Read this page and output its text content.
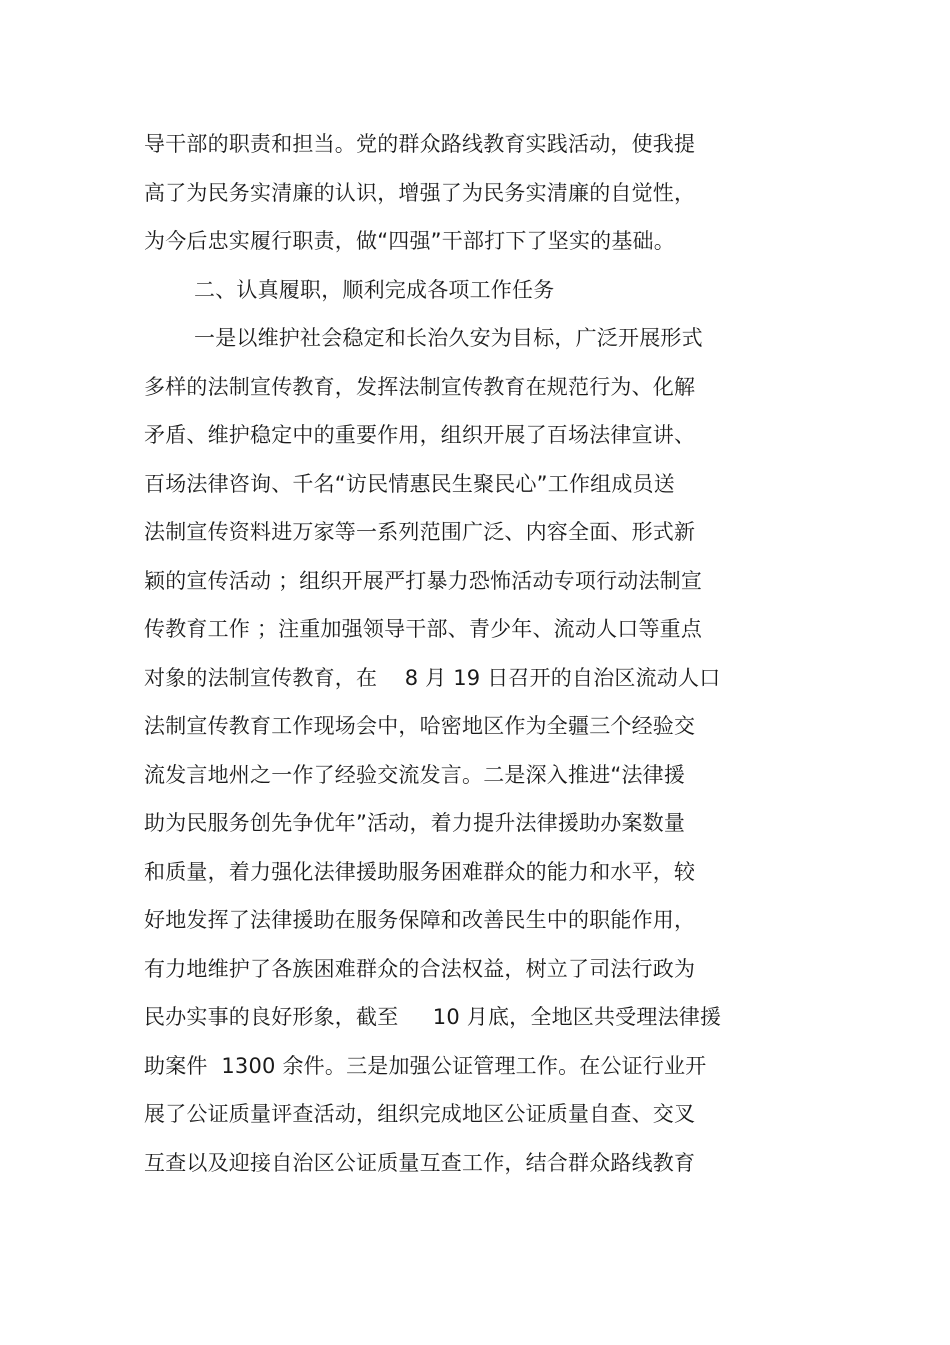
导干部的职责和担当。党的群众路线教育实践活动，使我提
高了为民务实清廉的认识，增强了为民务实清廉的自觉性，
为今后忠实履行职责，做“四强”干部打下了坚实的基础。
二、认真履职，顺利完成各项工作任务
一是以维护社会稳定和长治久安为目标，广泛开展形式
多样的法制宣传教育，发挥法制宣传教育在规范行为、化解
矛盾、维护稳定中的重要作用，组织开展了百场法律宣讲、
百场法律咨询、千名“访民情惠民生聚民心”工作组成员送
法制宣传资料进万家等一系列范围广泛、内容全面、形式新
颖的宣传活动 ；组织开展严打暴力恐怖活动专项行动法制宣
传教育工作 ；注重加强领导干部、青少年、流动人口等重点
对象的法制宣传教育，在    8 月 19 日召开的自治区流动人口
法制宣传教育工作现场会中，哈密地区作为全疆三个经验交
流发言地州之一作了经验交流发言。二是深入推进“法律援
助为民服务创先争优年”活动，着力提升法律援助办案数量
和质量，着力强化法律援助服务困难群众的能力和水平，较
好地发挥了法律援助在服务保障和改善民生中的职能作用，
有力地维护了各族困难群众的合法权益，树立了司法行政为
民办实事的良好形象，截至     10 月底，全地区共受理法律援
助案件  1300 余件。三是加强公证管理工作。在公证行业开
展了公证质量评查活动，组织完成地区公证质量自查、交叉
互查以及迎接自治区公证质量互查工作，结合群众路线教育
